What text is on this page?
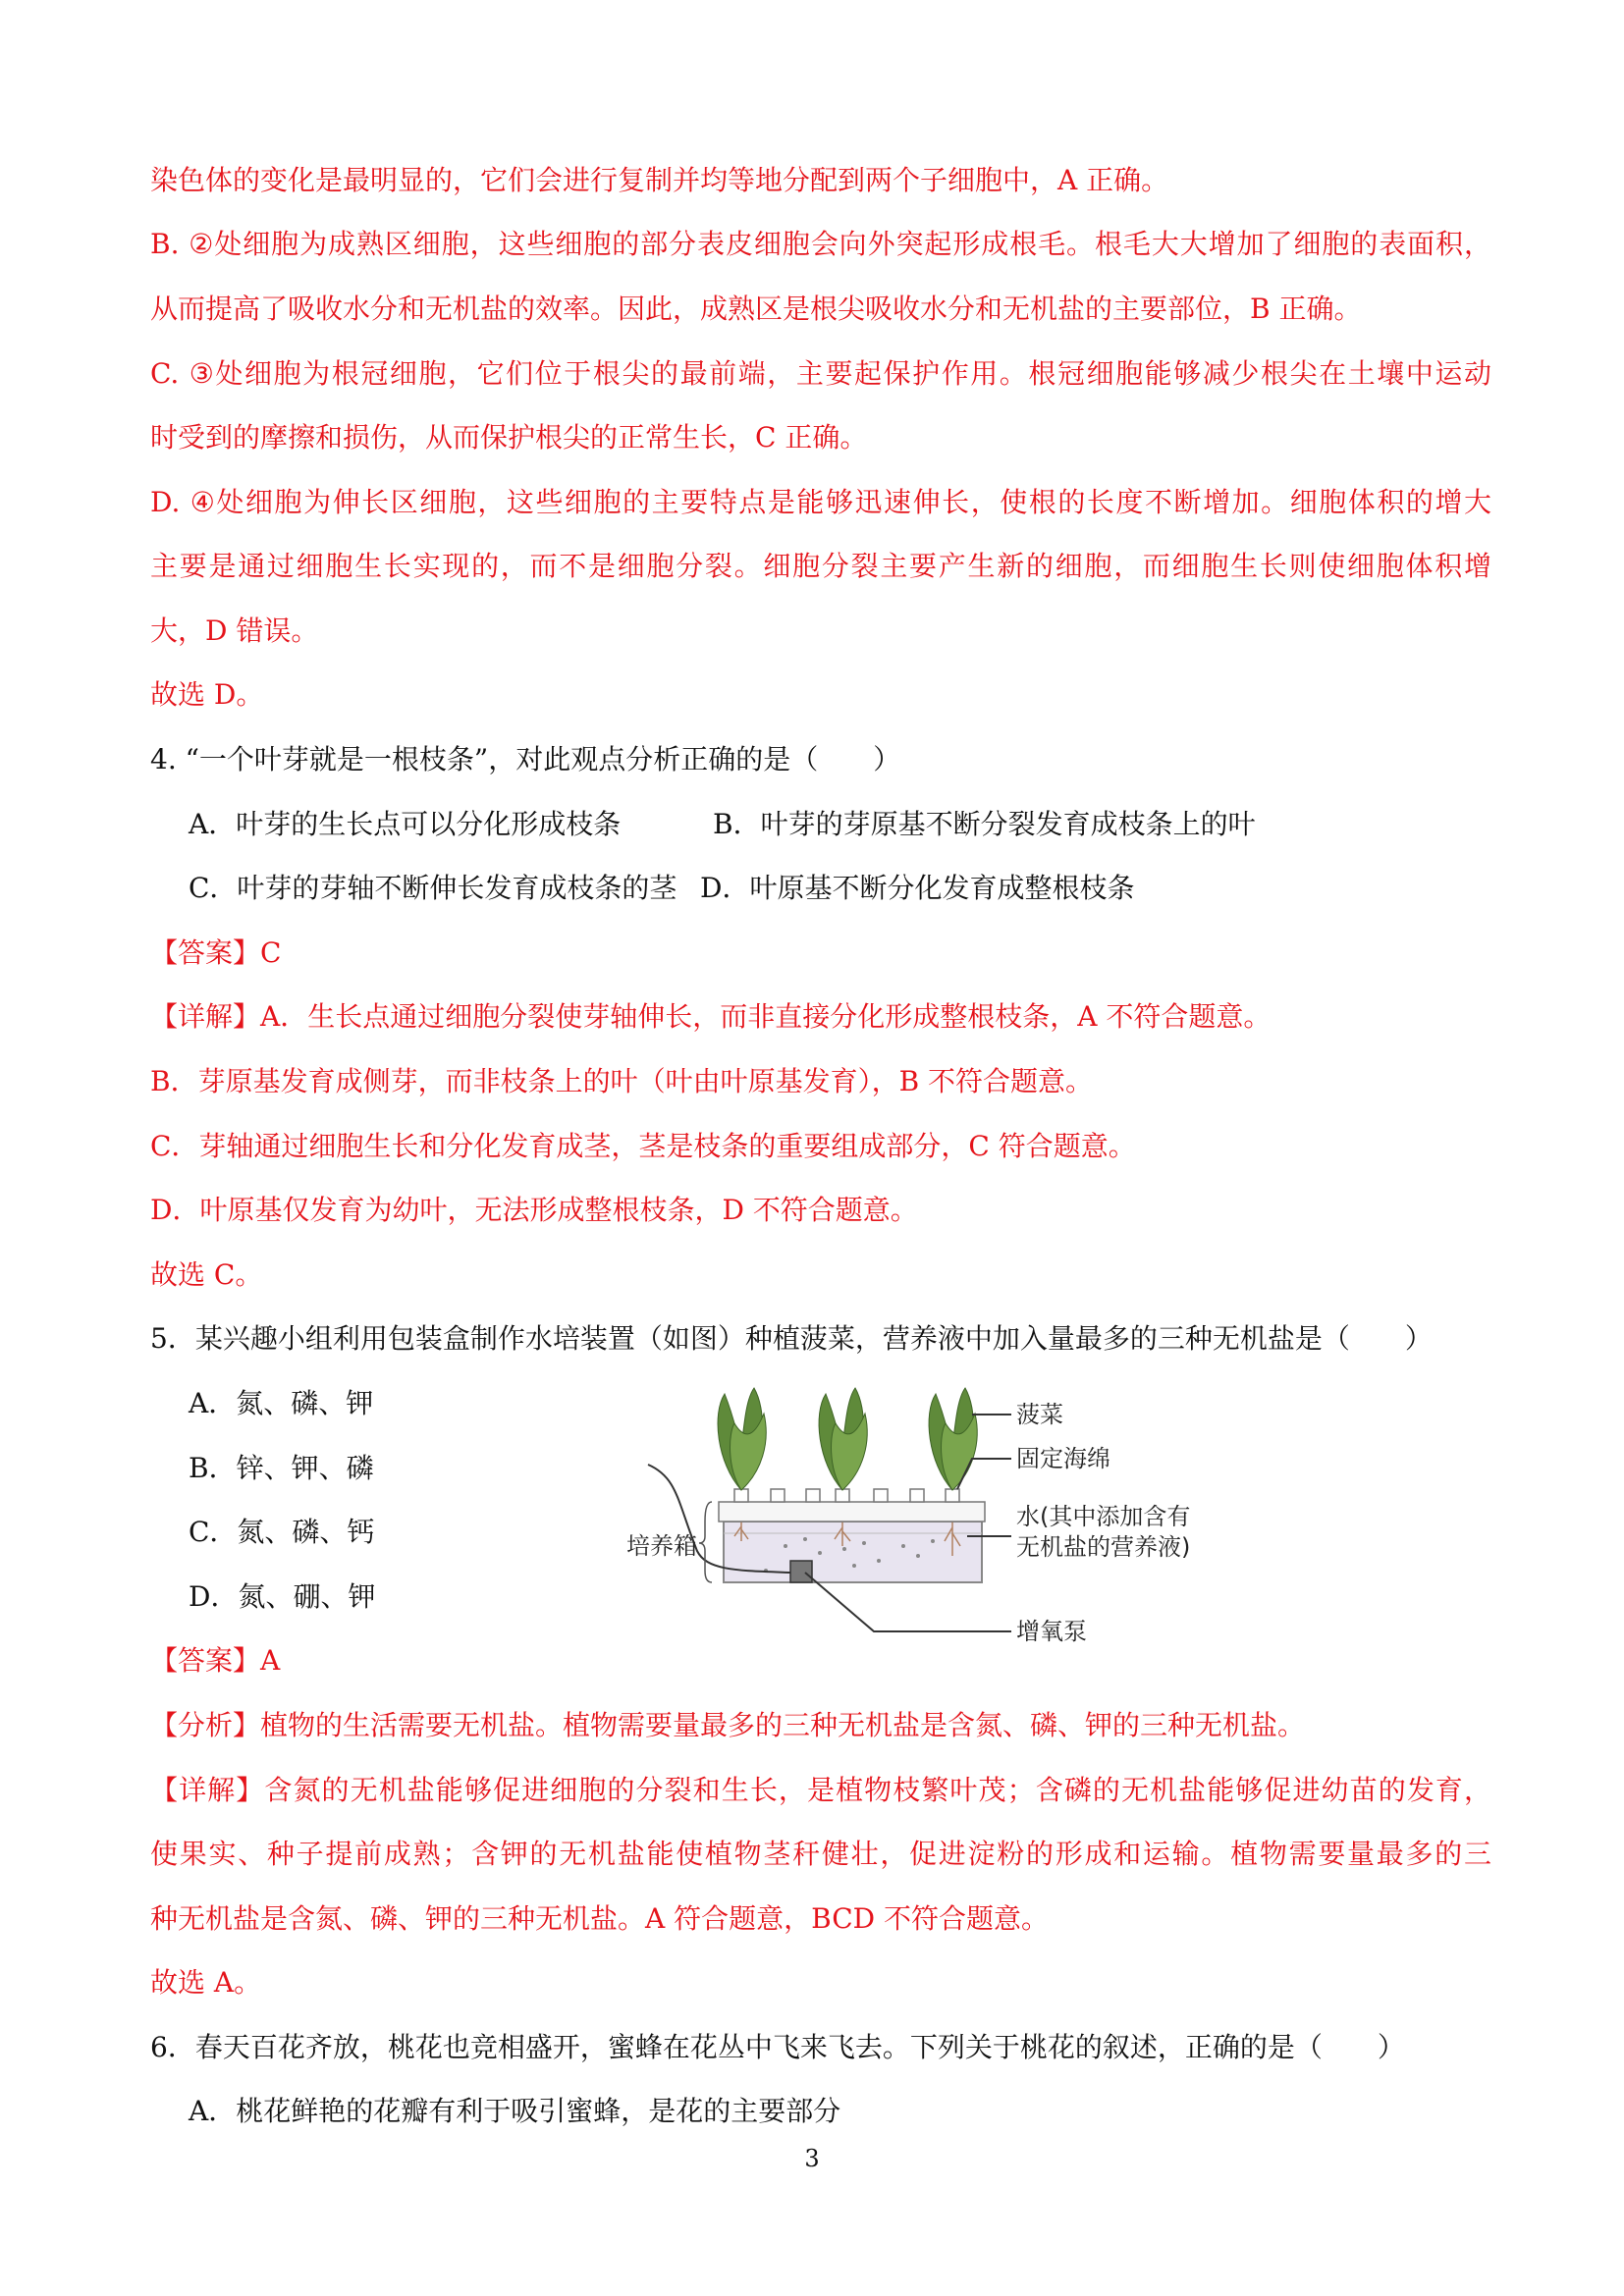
染色体的变化是最明显的，它们会进行复制并均等地分配到两个子细胞中，A 正确。
B. ②处细胞为成熟区细胞，这些细胞的部分表皮细胞会向外突起形成根毛。根毛大大增加了细胞的表面积，
从而提高了吸收水分和无机盐的效率。因此，成熟区是根尖吸收水分和无机盐的主要部位，B 正确。
C. ③处细胞为根冠细胞，它们位于根尖的最前端，主要起保护作用。根冠细胞能够减少根尖在土壤中运动
时受到的摩擦和损伤，从而保护根尖的正常生长，C 正确。
D. ④处细胞为伸长区细胞，这些细胞的主要特点是能够迅速伸长，使根的长度不断增加。细胞体积的增大
主要是通过细胞生长实现的，而不是细胞分裂。细胞分裂主要产生新的细胞，而细胞生长则使细胞体积增
大，D 错误。
故选 D。
4. “一个叶芽就是一根枝条”，对此观点分析正确的是（　　）
A．叶芽的生长点可以分化形成枝条	B．叶芽的芽原基不断分裂发育成枝条上的叶
C．叶芽的芽轴不断伸长发育成枝条的茎 D．叶原基不断分化发育成整根枝条
【答案】C
【详解】A．生长点通过细胞分裂使芽轴伸长，而非直接分化形成整根枝条，A 不符合题意。
B．芽原基发育成侧芽，而非枝条上的叶（叶由叶原基发育），B 不符合题意。
C．芽轴通过细胞生长和分化发育成茎，茎是枝条的重要组成部分，C 符合题意。
D．叶原基仅发育为幼叶，无法形成整根枝条，D 不符合题意。
故选 C。
5．某兴趣小组利用包装盒制作水培装置（如图）种植菠菜，营养液中加入量最多的三种无机盐是（　　）
A．氮、磷、钾
B．锌、钾、磷
C．氮、磷、钙
D．氮、硼、钾
菠菜
固定海绵
水(其中添加含有
无机盐的营养液)
增氧泵
培养箱
【答案】A
【分析】植物的生活需要无机盐。植物需要量最多的三种无机盐是含氮、磷、钾的三种无机盐。
【详解】含氮的无机盐能够促进细胞的分裂和生长，是植物枝繁叶茂；含磷的无机盐能够促进幼苗的发育，
使果实、种子提前成熟；含钾的无机盐能使植物茎秆健壮，促进淀粉的形成和运输。植物需要量最多的三
种无机盐是含氮、磷、钾的三种无机盐。A 符合题意，BCD 不符合题意。
故选 A。
6．春天百花齐放，桃花也竞相盛开，蜜蜂在花丛中飞来飞去。下列关于桃花的叙述，正确的是（　　）
A．桃花鲜艳的花瓣有利于吸引蜜蜂，是花的主要部分
3
